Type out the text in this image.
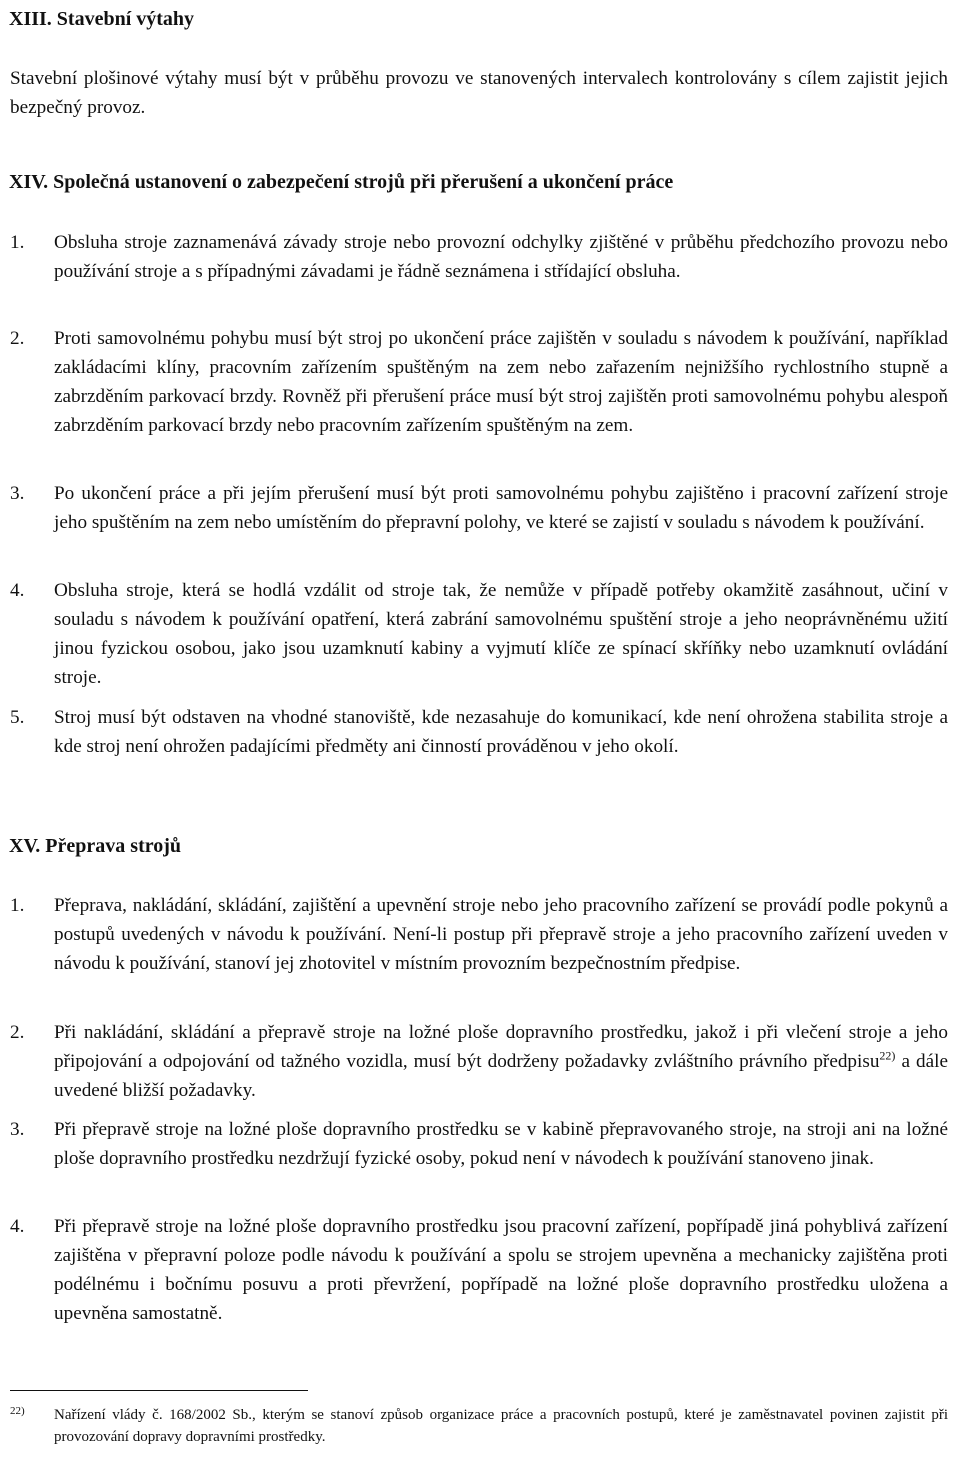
XIII. Stavební výtahy
Stavební plošinové výtahy musí být v průběhu provozu ve stanovených intervalech kontrolovány s cílem zajistit jejich bezpečný provoz.
XIV. Společná ustanovení o zabezpečení strojů při přerušení a ukončení práce
1.	Obsluha stroje zaznamenává závady stroje nebo provozní odchylky zjištěné v průběhu předchozího provozu nebo používání stroje a s případnými závadami je řádně seznámena i střídající obsluha.
2.	Proti samovolnému pohybu musí být stroj po ukončení práce zajištěn v souladu s návodem k používání, například zakládacími klíny, pracovním zařízením spuštěným na zem nebo zařazením nejnižšího rychlostního stupně a zabrzděním parkovací brzdy. Rovněž při přerušení práce musí být stroj zajištěn proti samovolnému pohybu alespoň zabrzděním parkovací brzdy nebo pracovním zařízením spuštěným na zem.
3.	Po ukončení práce a při jejím přerušení musí být proti samovolnému pohybu zajištěno i pracovní zařízení stroje jeho spuštěním na zem nebo umístěním do přepravní polohy, ve které se zajistí v souladu s návodem k používání.
4.	Obsluha stroje, která se hodlá vzdálit od stroje tak, že nemůže v případě potřeby okamžitě zasáhnout, učiní v souladu s návodem k používání opatření, která zabrání samovolnému spuštění stroje a jeho neoprávněnému užití jinou fyzickou osobou, jako jsou uzamknutí kabiny a vyjmutí klíče ze spínací skříňky nebo uzamknutí ovládání stroje.
5.	Stroj musí být odstaven na vhodné stanoviště, kde nezasahuje do komunikací, kde není ohrožena stabilita stroje a kde stroj není ohrožen padajícími předměty ani činností prováděnou v jeho okolí.
XV. Přeprava strojů
1.	Přeprava, nakládání, skládání, zajištění a upevnění stroje nebo jeho pracovního zařízení se provádí podle pokynů a postupů uvedených v návodu k používání. Není-li postup při přepravě stroje a jeho pracovního zařízení uveden v návodu k používání, stanoví jej zhotovitel v místním provozním bezpečnostním předpise.
2.	Při nakládání, skládání a přepravě stroje na ložné ploše dopravního prostředku, jakož i při vlečení stroje a jeho připojování a odpojování od tažného vozidla, musí být dodrženy požadavky zvláštního právního předpisu$^{22)}$ a dále uvedené bližší požadavky.
3.	Při přepravě stroje na ložné ploše dopravního prostředku se v kabině přepravovaného stroje, na stroji ani na ložné ploše dopravního prostředku nezdržují fyzické osoby, pokud není v návodech k používání stanoveno jinak.
4.	Při přepravě stroje na ložné ploše dopravního prostředku jsou pracovní zařízení, popřípadě jiná pohyblivá zařízení zajištěna v přepravní poloze podle návodu k používání a spolu se strojem upevněna a mechanicky zajištěna proti podélnému i bočnímu posuvu a proti převržení, popřípadě na ložné ploše dopravního prostředku uložena a upevněna samostatně.
22) Nařízení vlády č. 168/2002 Sb., kterým se stanoví způsob organizace práce a pracovních postupů, které je zaměstnavatel povinen zajistit při provozování dopravy dopravními prostředky.
